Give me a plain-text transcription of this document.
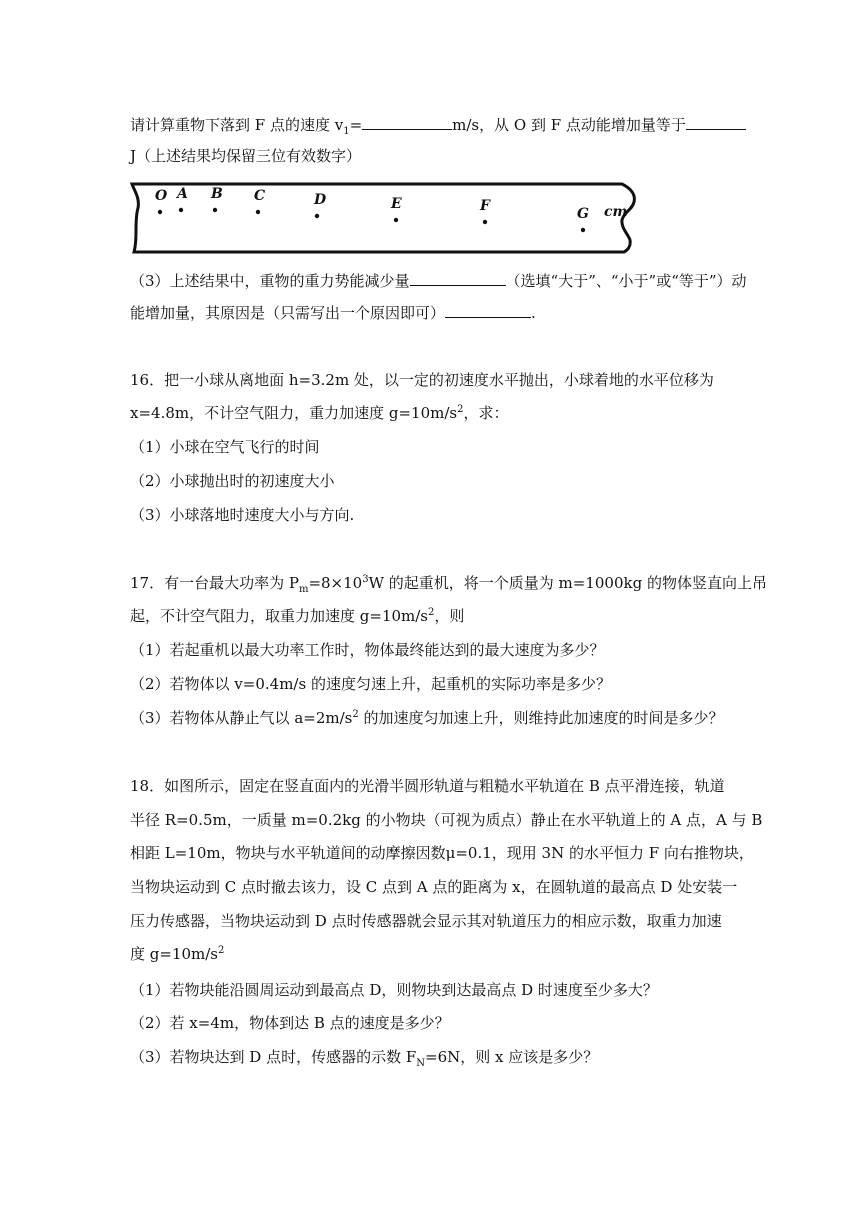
请计算重物下落到 F 点的速度 $v_1=$	m/s，从 O 到 F 点动能增加量等于
J（上述结果均保留三位有效数字）
O A B C	D	E	F	G cm
（3）上述结果中，重物的重力势能减少量	（选填“大于”、“小于”或“等于”）动
能增加量，其原因是（只需写出一个原因即可）	.
16．把一小球从离地面 h=3.2m 处，以一定的初速度水平抛出，小球着地的水平位移为
x=4.8m，不计空气阻力，重力加速度 $g=10m/s^2$，求：
（1）小球在空气飞行的时间
（2）小球抛出时的初速度大小
（3）小球落地时速度大小与方向.
17．有一台最大功率为 $P_m=8\times 10^3W$ 的起重机，将一个质量为 m=1000kg 的物体竖直向上吊
起，不计空气阻力，取重力加速度 $g=10m/s^2$，则
（1）若起重机以最大功率工作时，物体最终能达到的最大速度为多少？
（2）若物体以 v=0.4m/s 的速度匀速上升，起重机的实际功率是多少？
（3）若物体从静止气以 $a=2m/s^2$ 的加速度匀加速上升，则维持此加速度的时间是多少？
18．如图所示，固定在竖直面内的光滑半圆形轨道与粗糙水平轨道在 B 点平滑连接，轨道
半径 R=0.5m，一质量 m=0.2kg 的小物块（可视为质点）静止在水平轨道上的 A 点，A 与 B
相距 L=10m，物块与水平轨道间的动摩擦因数μ=0.1，现用 3N 的水平恒力 F 向右推物块，
当物块运动到 C 点时撤去该力，设 C 点到 A 点的距离为 x，在圆轨道的最高点 D 处安装一
压力传感器，当物块运动到 D 点时传感器就会显示其对轨道压力的相应示数，取重力加速
度 $g=10m/s^2$
（1）若物块能沿圆周运动到最高点 D，则物块到达最高点 D 时速度至少多大？
（2）若 x=4m，物体到达 B 点的速度是多少？
（3）若物块达到 D 点时，传感器的示数 $F_N=6N$，则 x 应该是多少？
